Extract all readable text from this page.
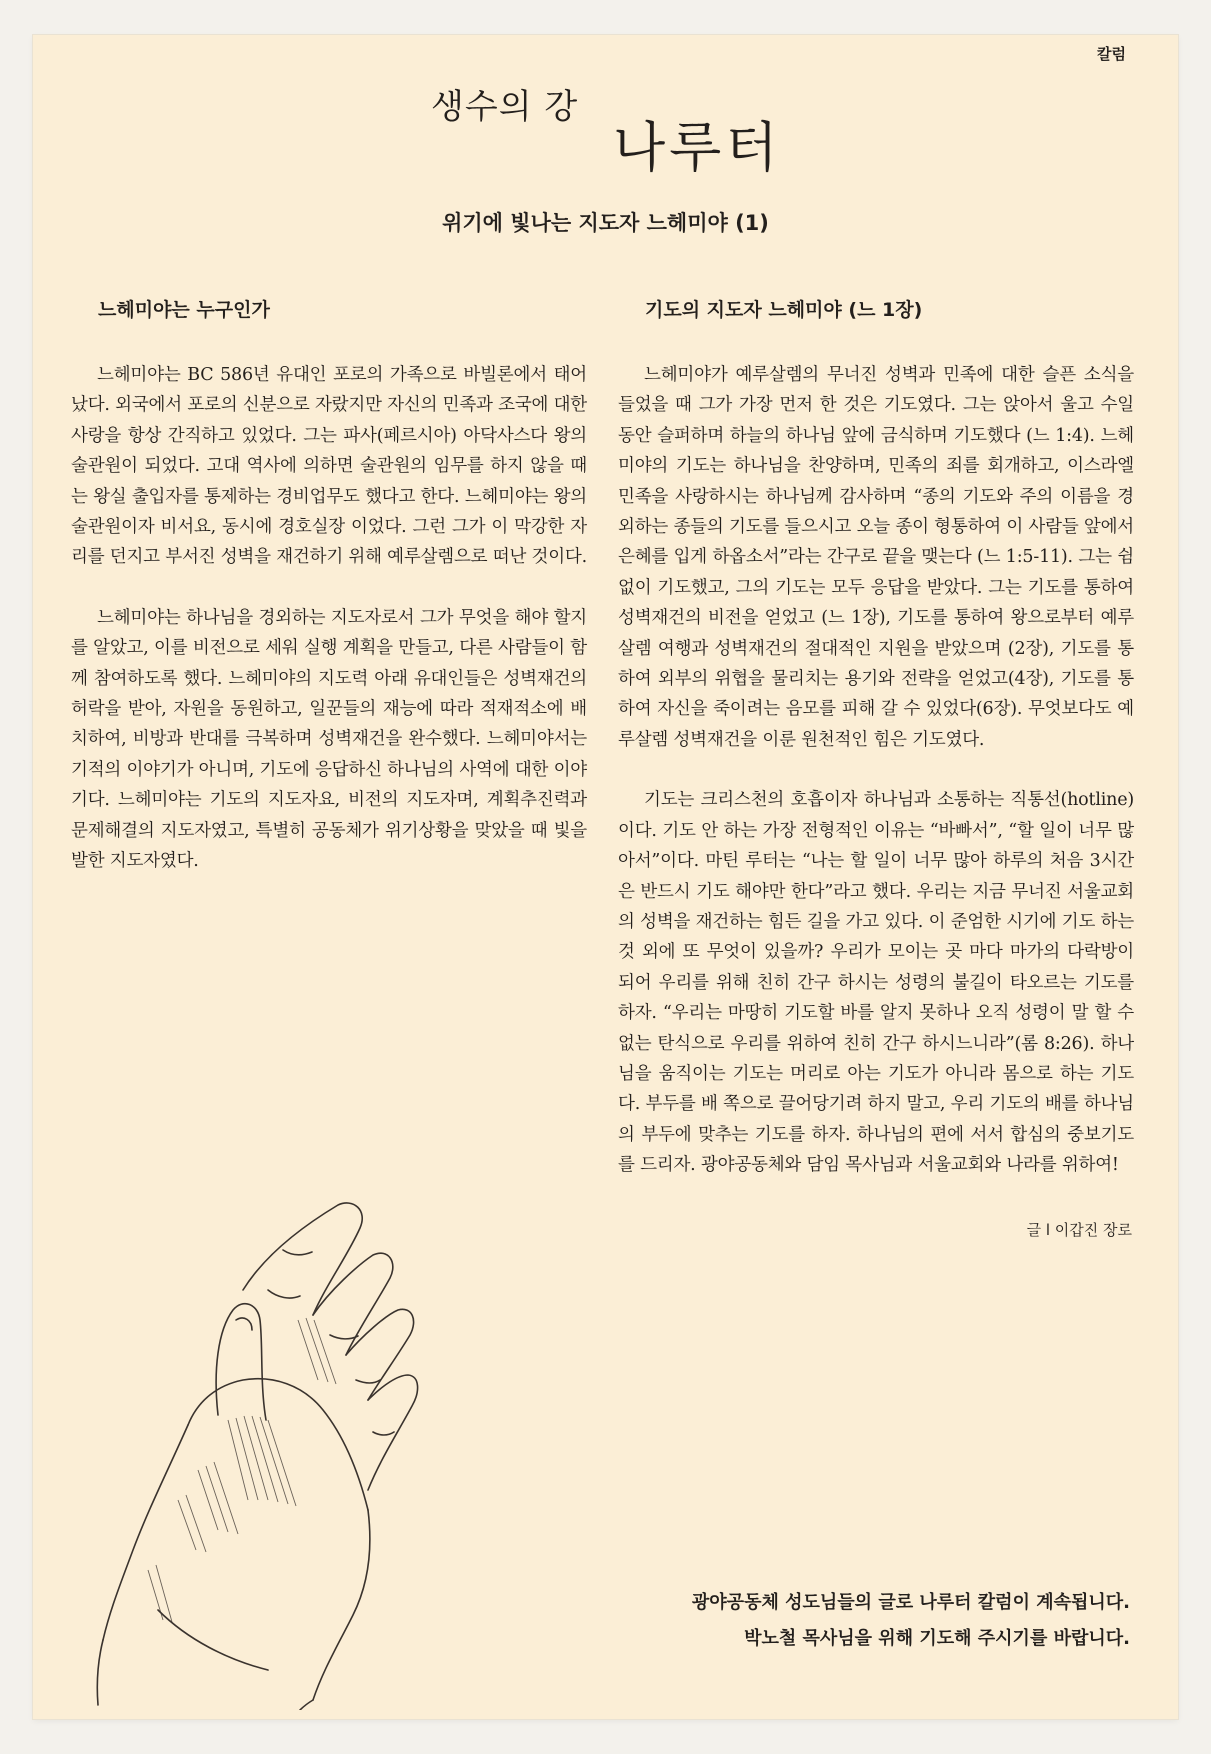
칼럼
생수의 강
나루터
위기에 빛나는 지도자 느헤미야 (1)
느헤미야는 누구인가

느헤미야는 BC 586년 유대인 포로의 가족으로 바빌론에서 태어났다. 외국에서 포로의 신분으로 자랐지만 자신의 민족과 조국에 대한 사랑을 항상 간직하고 있었다. 그는 파사(페르시아) 아닥사스다 왕의 술관원이 되었다. 고대 역사에 의하면 술관원의 임무를 하지 않을 때는 왕실 출입자를 통제하는 경비업무도 했다고 한다. 느헤미야는 왕의 술관원이자 비서요, 동시에 경호실장 이었다. 그런 그가 이 막강한 자리를 던지고 부서진 성벽을 재건하기 위해 예루살렘으로 떠난 것이다.

느헤미야는 하나님을 경외하는 지도자로서 그가 무엇을 해야 할지를 알았고, 이를 비전으로 세워 실행 계획을 만들고, 다른 사람들이 함께 참여하도록 했다. 느헤미야의 지도력 아래 유대인들은 성벽재건의 허락을 받아, 자원을 동원하고, 일꾼들의 재능에 따라 적재적소에 배치하여, 비방과 반대를 극복하며 성벽재건을 완수했다. 느헤미야서는 기적의 이야기가 아니며, 기도에 응답하신 하나님의 사역에 대한 이야기다. 느헤미야는 기도의 지도자요, 비전의 지도자며, 계획추진력과 문제해결의 지도자였고, 특별히 공동체가 위기상황을 맞았을 때 빛을 발한 지도자였다.

기도의 지도자 느헤미야 (느 1장)

느헤미야가 예루살렘의 무너진 성벽과 민족에 대한 슬픈 소식을 들었을 때 그가 가장 먼저 한 것은 기도였다. 그는 앉아서 울고 수일 동안 슬퍼하며 하늘의 하나님 앞에 금식하며 기도했다 (느 1:4). 느헤미야의 기도는 하나님을 찬양하며, 민족의 죄를 회개하고, 이스라엘 민족을 사랑하시는 하나님께 감사하며 “종의 기도와 주의 이름을 경외하는 종들의 기도를 들으시고 오늘 종이 형통하여 이 사람들 앞에서 은혜를 입게 하옵소서”라는 간구로 끝을 맺는다 (느 1:5-11). 그는 쉼 없이 기도했고, 그의 기도는 모두 응답을 받았다. 그는 기도를 통하여 성벽재건의 비전을 얻었고 (느 1장), 기도를 통하여 왕으로부터 예루살렘 여행과 성벽재건의 절대적인 지원을 받았으며 (2장), 기도를 통하여 외부의 위협을 물리치는 용기와 전략을 얻었고(4장), 기도를 통하여 자신을 죽이려는 음모를 피해 갈 수 있었다(6장). 무엇보다도 예루살렘 성벽재건을 이룬 원천적인 힘은 기도였다.

기도는 크리스천의 호흡이자 하나님과 소통하는 직통선(hotline)이다. 기도 안 하는 가장 전형적인 이유는 “바빠서”, “할 일이 너무 많아서”이다. 마틴 루터는 “나는 할 일이 너무 많아 하루의 처음 3시간은 반드시 기도 해야만 한다”라고 했다. 우리는 지금 무너진 서울교회의 성벽을 재건하는 힘든 길을 가고 있다. 이 준엄한 시기에 기도 하는 것 외에 또 무엇이 있을까? 우리가 모이는 곳 마다 마가의 다락방이 되어 우리를 위해 친히 간구 하시는 성령의 불길이 타오르는 기도를 하자. “우리는 마땅히 기도할 바를 알지 못하나 오직 성령이 말 할 수 없는 탄식으로 우리를 위하여 친히 간구 하시느니라”(롬 8:26). 하나님을 움직이는 기도는 머리로 아는 기도가 아니라 몸으로 하는 기도다. 부두를 배 쪽으로 끌어당기려 하지 말고, 우리 기도의 배를 하나님의 부두에 맞추는 기도를 하자. 하나님의 편에 서서 합심의 중보기도를 드리자. 광야공동체와 담임 목사님과 서울교회와 나라를 위하여!

글 l 이갑진 장로
광야공동체 성도님들의 글로 나루터 칼럼이 계속됩니다.
박노철 목사님을 위해 기도해 주시기를 바랍니다.
